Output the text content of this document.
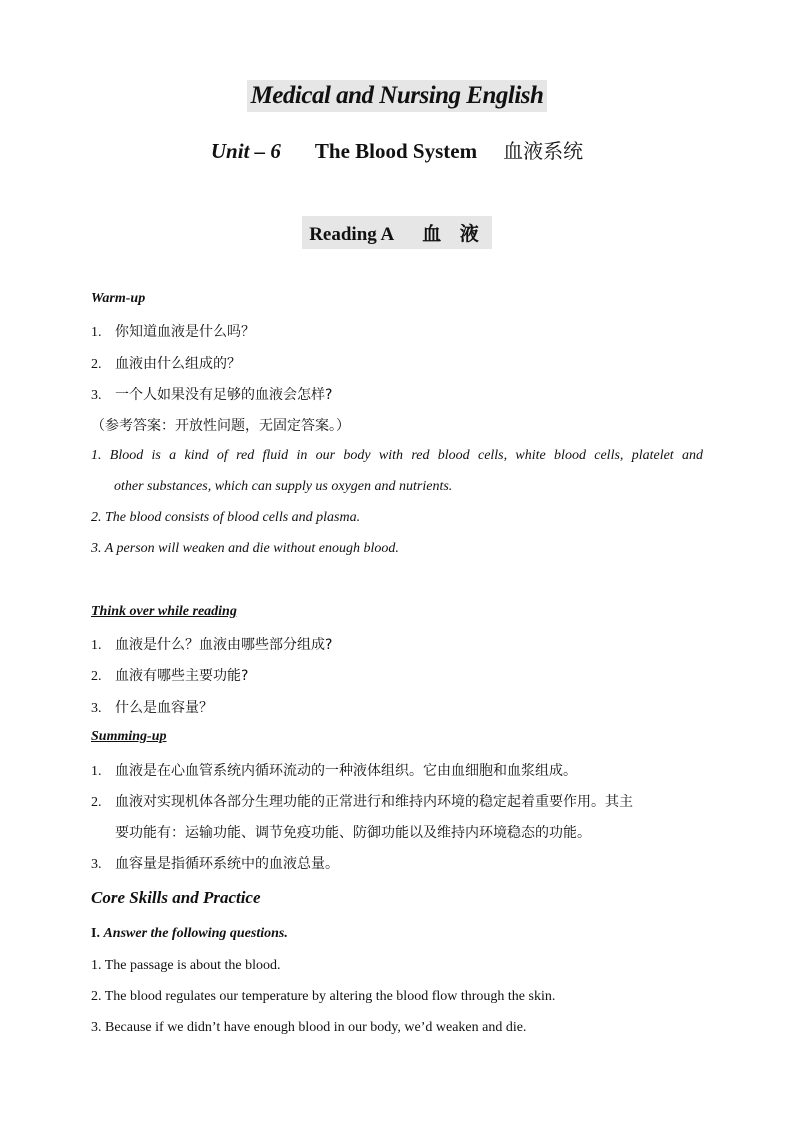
Medical and Nursing English
Unit – 6 The Blood System 血液系统
Reading A 血 液
Warm-up
1. 你知道血液是什么吗？
2. 血液由什么组成的？
3. 一个人如果没有足够的血液会怎样?
（参考答案：开放性问题，无固定答案。）
1. Blood is a kind of red fluid in our body with red blood cells, white blood cells, platelet and
other substances, which can supply us oxygen and nutrients.
2. The blood consists of blood cells and plasma.
3. A person will weaken and die without enough blood.
Think over while reading
1. 血液是什么？血液由哪些部分组成?
2. 血液有哪些主要功能?
3. 什么是血容量？
Summing-up
1. 血液是在心血管系统内循环流动的一种液体组织。它由血细胞和血浆组成。
2. 血液对实现机体各部分生理功能的正常进行和维持内环境的稳定起着重要作用。其主
要功能有：运输功能、调节免疫功能、防御功能以及维持内环境稳态的功能。
3. 血容量是指循环系统中的血液总量。
Core Skills and Practice
I. Answer the following questions.
1. The passage is about the blood.
2. The blood regulates our temperature by altering the blood flow through the skin.
3. Because if we didn’t have enough blood in our body, we’d weaken and die.
